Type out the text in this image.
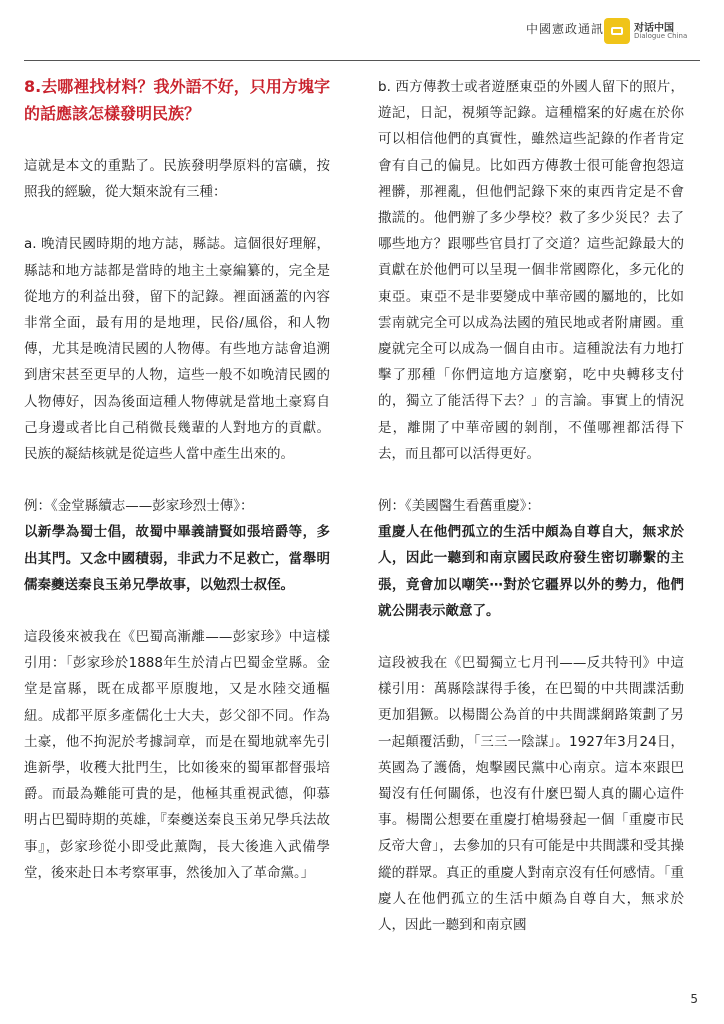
中國憲政通訊	对话中国
Dialogue China

8.去哪裡找材料？我外語不好，只用方塊字的話應該怎樣發明民族？

這就是本文的重點了。民族發明學原料的富礦，按照我的經驗，從大類來說有三種：

a. 晚清民國時期的地方誌，縣誌。這個很好理解，縣誌和地方誌都是當時的地主土豪編纂的，完全是從地方的利益出發，留下的記錄。裡面涵蓋的內容非常全面，最有用的是地理，民俗/風俗，和人物傳，尤其是晚清民國的人物傳。有些地方誌會追溯到唐宋甚至更早的人物，這些一般不如晚清民國的人物傳好，因為後面這種人物傳就是當地土豪寫自己身邊或者比自己稍微長幾輩的人對地方的貢獻。民族的凝結核就是從這些人當中產生出來的。

例：《金堂縣續志——彭家珍烈士傳》：

以新學為蜀士倡，故蜀中畢義請賢如張培爵等，多出其門。又念中國積弱，非武力不足救亡，當舉明儒秦夔送秦良玉弟兄學故事，以勉烈士叔侄。

這段後來被我在《巴蜀高漸離——彭家珍》中這樣引用：「彭家珍於1888年生於清占巴蜀金堂縣。金堂是富縣，既在成都平原腹地，又是水陸交通樞紐。成都平原多產儒化士大夫，彭父卻不同。作為土豪，他不拘泥於考據詞章，而是在蜀地就率先引進新學，收穫大批門生，比如後來的蜀軍都督張培爵。而最為難能可貴的是，他極其重視武德，仰慕明占巴蜀時期的英雄，『秦夔送秦良玉弟兄學兵法故事』，彭家珍從小即受此薰陶，長大後進入武備學堂，後來赴日本考察軍事，然後加入了革命黨。」

b. 西方傳教士或者遊歷東亞的外國人留下的照片，遊記，日記，視頻等記錄。這種檔案的好處在於你可以相信他們的真實性，雖然這些記錄的作者肯定會有自己的偏見。比如西方傳教士很可能會抱怨這裡髒，那裡亂，但他們記錄下來的東西肯定是不會撒謊的。他們辦了多少學校？救了多少災民？去了哪些地方？跟哪些官員打了交道？這些記錄最大的貢獻在於他們可以呈現一個非常國際化，多元化的東亞。東亞不是非要變成中華帝國的屬地的，比如雲南就完全可以成為法國的殖民地或者附庸國。重慶就完全可以成為一個自由市。這種說法有力地打擊了那種「你們這地方這麼窮，吃中央轉移支付的，獨立了能活得下去？」的言論。事實上的情況是，離開了中華帝國的剝削，不僅哪裡都活得下去，而且都可以活得更好。

例：《美國醫生看舊重慶》：

重慶人在他們孤立的生活中頗為自尊自大，無求於人，因此一聽到和南京國民政府發生密切聯繫的主張，竟會加以嘲笑⋯對於它疆界以外的勢力，他們就公開表示敵意了。

這段被我在《巴蜀獨立七月刊——反共特刊》中這樣引用：萬縣陰謀得手後，在巴蜀的中共間諜活動更加猖獗。以楊闇公為首的中共間諜網路策劃了另一起顛覆活動，「三三一陰謀」。1927年3月24日，英國為了護僑，炮擊國民黨中心南京。這本來跟巴蜀沒有任何關係，也沒有什麼巴蜀人真的關心這件事。楊闇公想要在重慶打槍場發起一個「重慶市民反帝大會」，去參加的只有可能是中共間諜和受其操縱的群眾。真正的重慶人對南京沒有任何感情。「重慶人在他們孤立的生活中頗為自尊自大，無求於人，因此一聽到和南京國

5
